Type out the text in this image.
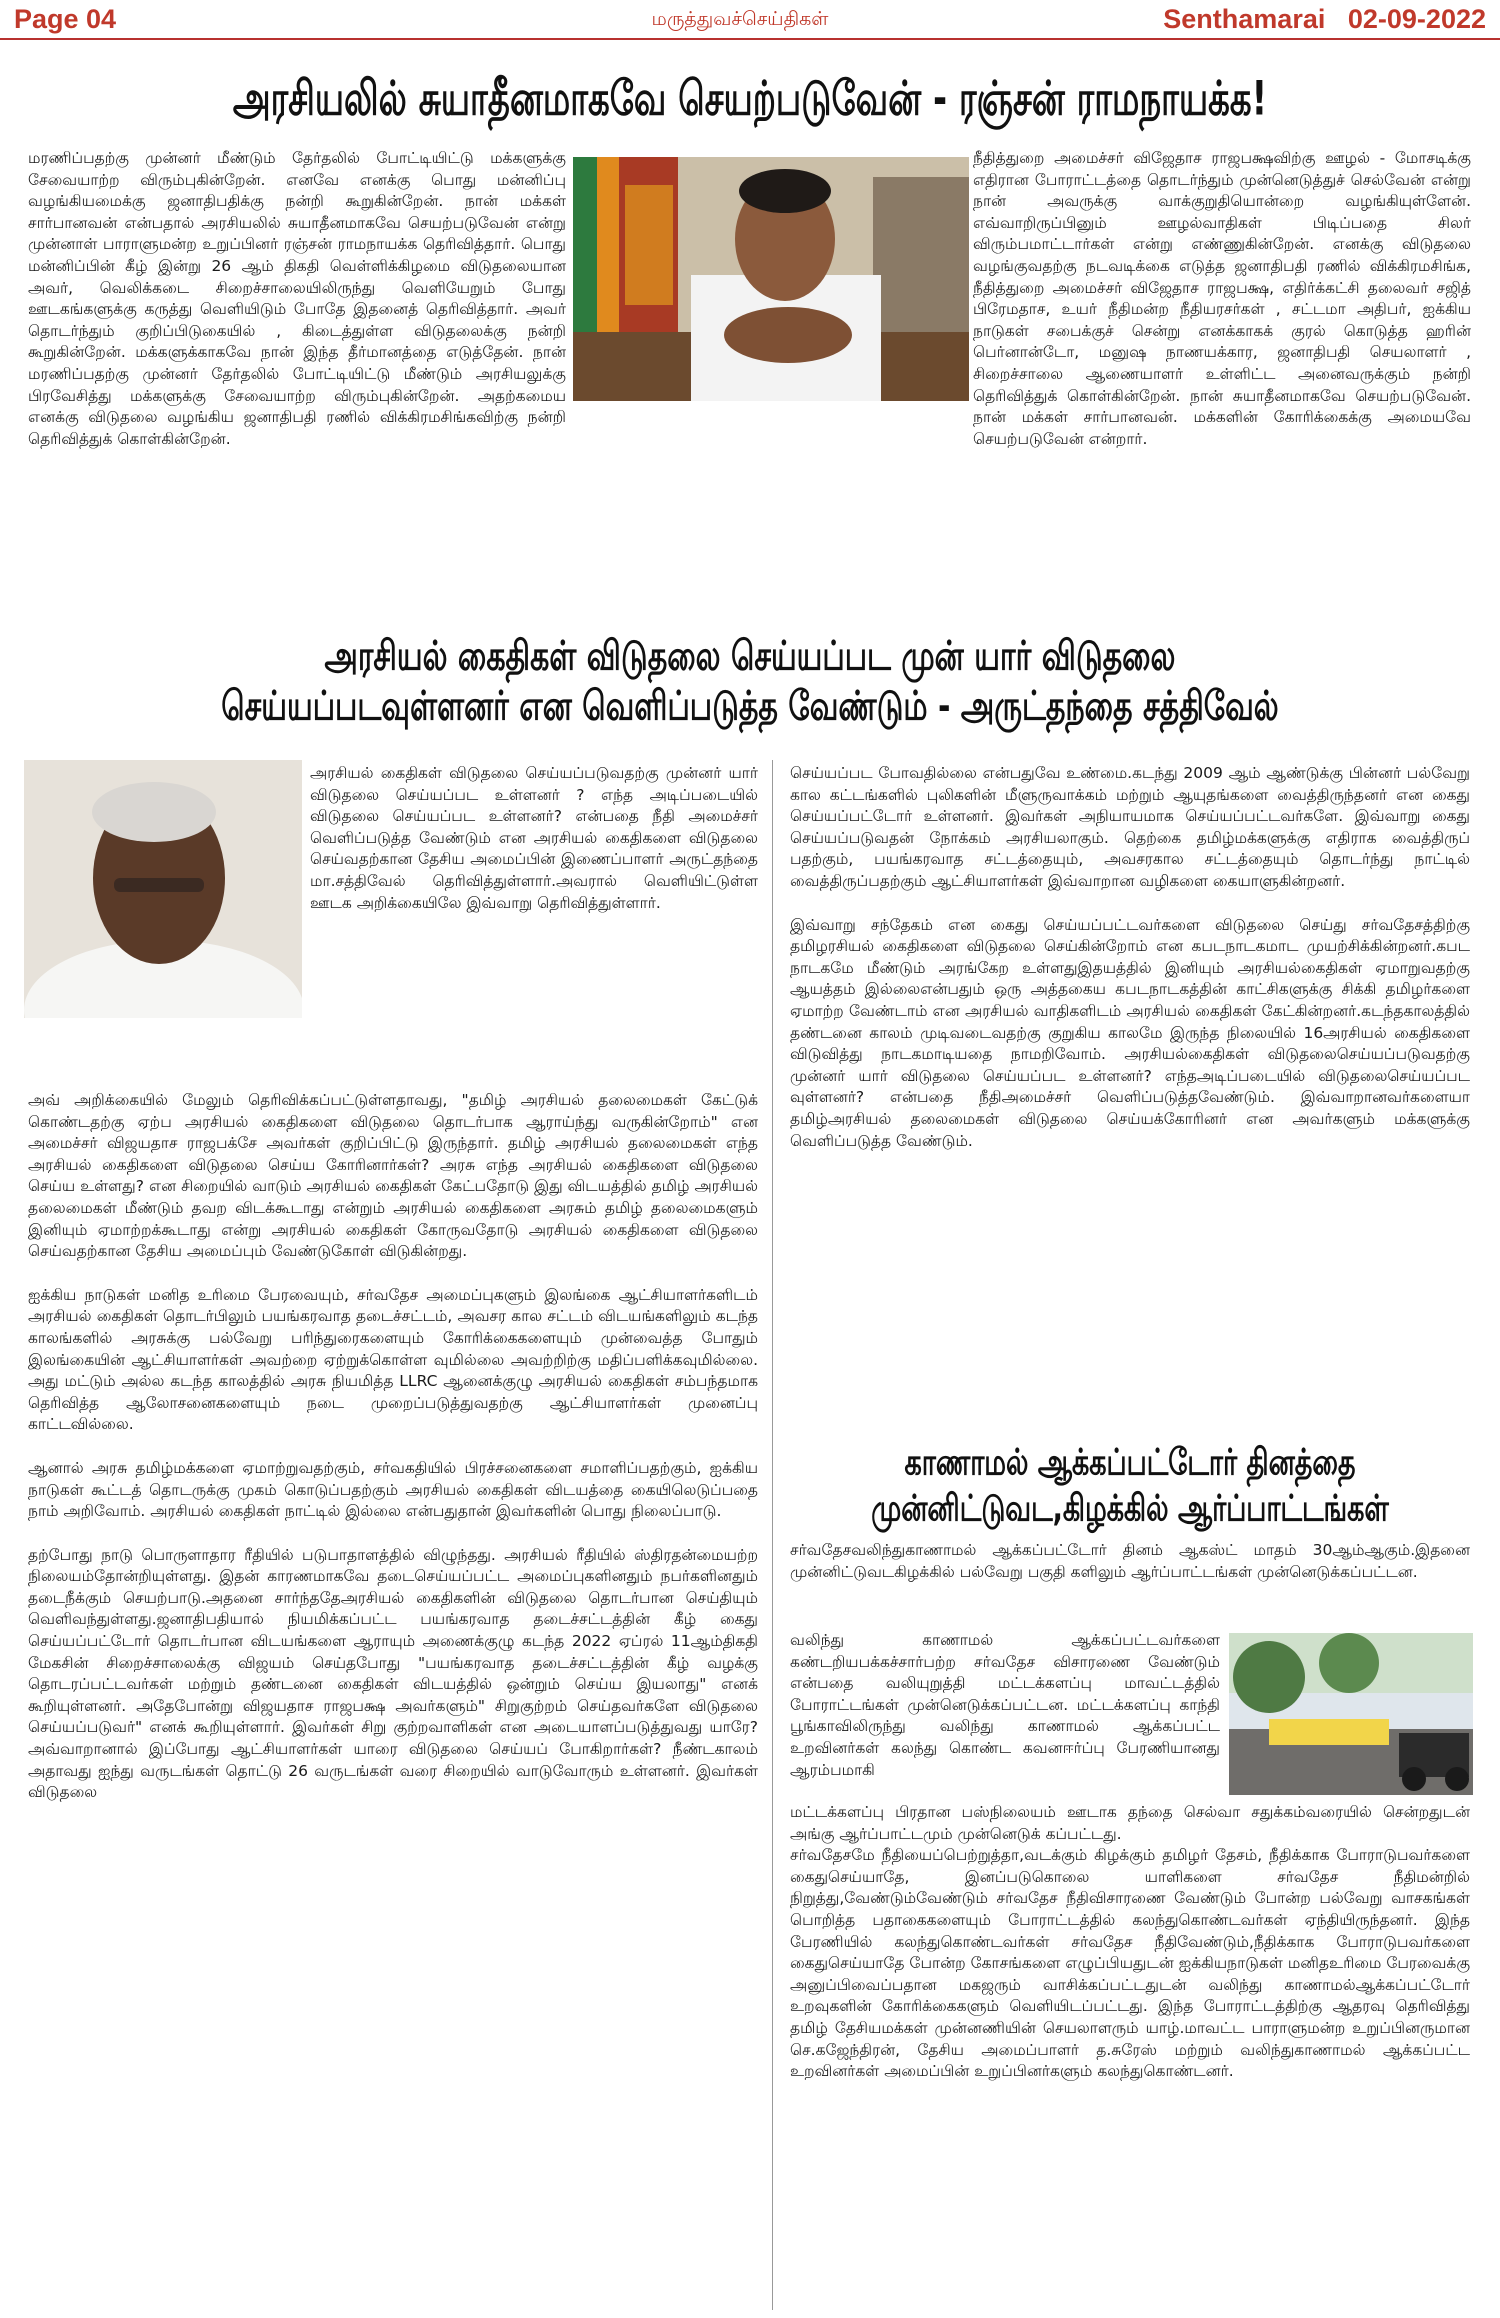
Page 04	மருத்துவச்செய்திகள்	Senthamarai 02-09-2022
அரசியலில் சுயாதீனமாகவே செயற்படுவேன் - ரஞ்சன் ராமநாயக்க!

மரணிப்பதற்கு முன்னர் மீண்டும் தேர்தலில் போட்டியிட்டு மக்களுக்கு சேவையாற்ற விரும்புகின்றேன். எனவே எனக்கு பொது மன்னிப்பு வழங்கியமைக்கு ஜனாதிபதிக்கு நன்றி கூறுகின்றேன். நான் மக்கள் சார்பானவன் என்பதால் அரசியலில் சுயாதீனமாகவே செயற்படுவேன் என்று முன்னாள் பாராளுமன்ற உறுப்பினர் ரஞ்சன் ராமநாயக்க தெரிவித்தார். பொது மன்னிப்பின் கீழ் இன்று 26 ஆம் திகதி வெள்ளிக்கிழமை விடுதலையான அவர், வெலிக்கடை சிறைச்சாலையிலிருந்து வெளியேறும் போது ஊடகங்களுக்கு கருத்து வெளியிடும் போதே இதனைத் தெரிவித்தார். அவர் தொடர்ந்தும் குறிப்பிடுகையில் , கிடைத்துள்ள விடுதலைக்கு நன்றி கூறுகின்றேன். மக்களுக்காகவே நான் இந்த தீர்மானத்தை எடுத்தேன். நான் மரணிப்பதற்கு முன்னர் தேர்தலில் போட்டியிட்டு மீண்டும் அரசியலுக்கு பிரவேசித்து மக்களுக்கு சேவையாற்ற விரும்புகின்றேன். அதற்கமைய எனக்கு விடுதலை வழங்கிய ஜனாதிபதி ரணில் விக்கிரமசிங்கவிற்கு நன்றி தெரிவித்துக் கொள்கின்றேன்.

நீதித்துறை அமைச்சர் விஜேதாச ராஜபக்ஷவிற்கு ஊழல் - மோசடிக்கு எதிரான போராட்டத்தை தொடர்ந்தும் முன்னெடுத்துச் செல்வேன் என்று நான் அவருக்கு வாக்குறுதியொன்றை வழங்கியுள்ளேன். எவ்வாறிருப்பினும் ஊழல்வாதிகள் பிடிப்பதை சிலர் விரும்பமாட்டார்கள் என்று எண்ணுகின்றேன். எனக்கு விடுதலை வழங்குவதற்கு நடவடிக்கை எடுத்த ஜனாதிபதி ரணில் விக்கிரமசிங்க, நீதித்துறை அமைச்சர் விஜேதாச ராஜபக்ஷ, எதிர்க்கட்சி தலைவர் சஜித் பிரேமதாச, உயர் நீதிமன்ற நீதியரசர்கள் , சட்டமா அதிபர், ஐக்கிய நாடுகள் சபைக்குச் சென்று எனக்காகக் குரல் கொடுத்த ஹரின் பெர்னான்டோ, மனுஷ நாணயக்கார, ஜனாதிபதி செயலாளர் , சிறைச்சாலை ஆணையாளர் உள்ளிட்ட அனைவருக்கும் நன்றி தெரிவித்துக் கொள்கின்றேன். நான் சுயாதீனமாகவே செயற்படுவேன். நான் மக்கள் சார்பானவன். மக்களின் கோரிக்கைக்கு அமையவே செயற்படுவேன் என்றார்.

அரசியல் கைதிகள் விடுதலை செய்யப்பட முன் யார் விடுதலை
செய்யப்படவுள்ளனர் என வெளிப்படுத்த வேண்டும் - அருட்தந்தை சத்திவேல்

அரசியல் கைதிகள் விடுதலை செய்யப்படுவதற்கு முன்னர் யார் விடுதலை செய்யப்பட உள்ளனர் ? எந்த அடிப்படையில் விடுதலை செய்யப்பட உள்ளனர்? என்பதை நீதி அமைச்சர் வெளிப்படுத்த வேண்டும் என அரசியல் கைதிகளை விடுதலை செய்வதற்கான தேசிய அமைப்பின் இணைப்பாளர் அருட்தந்தை மா.சத்திவேல் தெரிவித்துள்ளார்.அவரால் வெளியிட்டுள்ள ஊடக அறிக்கையிலே இவ்வாறு தெரிவித்துள்ளார்.

அவ் அறிக்கையில் மேலும் தெரிவிக்கப்பட்டுள்ளதாவது, "தமிழ் அரசியல் தலைமைகள் கேட்டுக் கொண்டதற்கு ஏற்ப அரசியல் கைதிகளை விடுதலை தொடர்பாக ஆராய்ந்து வருகின்றோம்" என அமைச்சர் விஜயதாச ராஜபக்சே அவர்கள் குறிப்பிட்டு இருந்தார். தமிழ் அரசியல் தலைமைகள் எந்த அரசியல் கைதிகளை விடுதலை செய்ய கோரினார்கள்? அரசு எந்த அரசியல் கைதிகளை விடுதலை செய்ய உள்ளது? என சிறையில் வாடும் அரசியல் கைதிகள் கேட்பதோடு இது விடயத்தில் தமிழ் அரசியல் தலைமைகள் மீண்டும் தவற விடக்கூடாது என்றும் அரசியல் கைதிகளை அரசும் தமிழ் தலைமைகளும் இனியும் ஏமாற்றக்கூடாது என்று அரசியல் கைதிகள் கோருவதோடு அரசியல் கைதிகளை விடுதலை செய்வதற்கான தேசிய அமைப்பும் வேண்டுகோள் விடுகின்றது.

ஐக்கிய நாடுகள் மனித உரிமை பேரவையும், சர்வதேச அமைப்புகளும் இலங்கை ஆட்சியாளர்களிடம் அரசியல் கைதிகள் தொடர்பிலும் பயங்கரவாத தடைச்சட்டம், அவசர கால சட்டம் விடயங்களிலும் கடந்த காலங்களில் அரசுக்கு பல்வேறு பரிந்துரைகளையும் கோரிக்கைகளையும் முன்வைத்த போதும் இலங்கையின் ஆட்சியாளர்கள் அவற்றை ஏற்றுக்கொள்ள வுமில்லை அவற்றிற்கு மதிப்பளிக்கவுமில்லை. அது மட்டும் அல்ல கடந்த காலத்தில் அரசு நியமித்த LLRC ஆனைக்குழு அரசியல் கைதிகள் சம்பந்தமாக தெரிவித்த ஆலோசனைகளையும் நடை முறைப்படுத்துவதற்கு ஆட்சியாளர்கள் முனைப்பு காட்டவில்லை.

ஆனால் அரசு தமிழ்மக்களை ஏமாற்றுவதற்கும், சர்வகதியில் பிரச்சனைகளை சமாளிப்பதற்கும், ஐக்கிய நாடுகள் கூட்டத் தொடருக்கு முகம் கொடுப்பதற்கும் அரசியல் கைதிகள் விடயத்தை கையிலெடுப்பதை நாம் அறிவோம். அரசியல் கைதிகள் நாட்டில் இல்லை என்பதுதான் இவர்களின் பொது நிலைப்பாடு.

தற்போது நாடு பொருளாதார ரீதியில் படுபாதாளத்தில் விழுந்தது. அரசியல் ரீதியில் ஸ்திரதன்மையற்ற நிலையம்தோன்றியுள்ளது. இதன் காரணமாகவே தடைசெய்யப்பட்ட அமைப்புகளினதும் நபர்களினதும் தடைநீக்கும் செயற்பாடு.அதனை சார்ந்ததேஅரசியல் கைதிகளின் விடுதலை தொடர்பான செய்தியும் வெளிவந்துள்ளது.ஜனாதிபதியால் நியமிக்கப்பட்ட பயங்கரவாத தடைச்சட்டத்தின் கீழ் கைது செய்யப்பட்டோர் தொடர்பான விடயங்களை ஆராயும் அணைக்குழு கடந்த 2022 ஏப்ரல் 11ஆம்திகதி மேகசின் சிறைச்சாலைக்கு விஜயம் செய்தபோது "பயங்கரவாத தடைச்சட்டத்தின் கீழ் வழக்கு தொடரப்பட்டவர்கள் மற்றும் தண்டனை கைதிகள் விடயத்தில் ஒன்றும் செய்ய இயலாது" எனக் கூறியுள்ளனர். அதேபோன்று விஜயதாச ராஜபக்ஷ அவர்களும்" சிறுகுற்றம் செய்தவர்களே விடுதலை செய்யப்படுவர்" எனக் கூறியுள்ளார். இவர்கள் சிறு குற்றவாளிகள் என அடையாளப்படுத்துவது யாரே? அவ்வாறானால் இப்போது ஆட்சியாளர்கள் யாரை விடுதலை செய்யப் போகிறார்கள்? நீண்டகாலம் அதாவது ஐந்து வருடங்கள் தொட்டு 26 வருடங்கள் வரை சிறையில் வாடுவோரும் உள்ளனர். இவர்கள் விடுதலை

செய்யப்பட போவதில்லை என்பதுவே உண்மை.கடந்து 2009 ஆம் ஆண்டுக்கு பின்னர் பல்வேறு கால கட்டங்களில் புலிகளின் மீளுருவாக்கம் மற்றும் ஆயுதங்களை வைத்திருந்தனர் என கைது செய்யப்பட்டோர் உள்ளனர். இவர்கள் அநியாயமாக செய்யப்பட்டவர்களே. இவ்வாறு கைது செய்யப்படுவதன் நோக்கம் அரசியலாகும். தெற்கை தமிழ்மக்களுக்கு எதிராக வைத்திருப் பதற்கும், பயங்கரவாத சட்டத்தையும், அவசரகால சட்டத்தையும் தொடர்ந்து நாட்டில் வைத்திருப்பதற்கும் ஆட்சியாளர்கள் இவ்வாறான வழிகளை கையாளுகின்றனர்.

இவ்வாறு சந்தேகம் என கைது செய்யப்பட்டவர்களை விடுதலை செய்து சர்வதேசத்திற்கு தமிழரசியல் கைதிகளை விடுதலை செய்கின்றோம் என கபடநாடகமாட முயற்சிக்கின்றனர்.கபட நாடகமே மீண்டும் அரங்கேற உள்ளதுஇதயத்தில் இனியும் அரசியல்கைதிகள் ஏமாறுவதற்கு ஆயத்தம் இல்லைஎன்பதும் ஒரு அத்தகைய கபடநாடகத்தின் காட்சிகளுக்கு சிக்கி தமிழர்களை ஏமாற்ற வேண்டாம் என அரசியல் வாதிகளிடம் அரசியல் கைதிகள் கேட்கின்றனர்.கடந்தகாலத்தில் தண்டனை காலம் முடிவடைவதற்கு குறுகிய காலமே இருந்த நிலையில் 16அரசியல் கைதிகளை விடுவித்து நாடகமாடியதை நாமறிவோம். அரசியல்கைதிகள் விடுதலைசெய்யப்படுவதற்கு முன்னர் யார் விடுதலை செய்யப்பட உள்ளனர்? எந்தஅடிப்படையில் விடுதலைசெய்யப்பட வுள்ளனர்? என்பதை நீதிஅமைச்சர் வெளிப்படுத்தவேண்டும். இவ்வாறானவர்களையா தமிழ்அரசியல் தலைமைகள் விடுதலை செய்யக்கோரினர் என அவர்களும் மக்களுக்கு வெளிப்படுத்த வேண்டும்.

காணாமல் ஆக்கப்பட்டோர் தினத்தை
முன்னிட்டுவட,கிழக்கில் ஆர்ப்பாட்டங்கள்

சர்வதேசவலிந்துகாணாமல் ஆக்கப்பட்டோர் தினம் ஆகஸ்ட் மாதம் 30ஆம்ஆகும்.இதனை முன்னிட்டுவடகிழக்கில் பல்வேறு பகுதி களிலும் ஆர்ப்பாட்டங்கள் முன்னெடுக்கப்பட்டன.

வலிந்து காணாமல் ஆக்கப்பட்டவர்களை கண்டறியபக்கச்சார்பற்ற சர்வதேச விசாரணை வேண்டும் என்பதை வலியுறுத்தி மட்டக்களப்பு மாவட்டத்தில் போராட்டங்கள் முன்னெடுக்கப்பட்டன. மட்டக்களப்பு காந்தி பூங்காவிலிருந்து வலிந்து காணாமல் ஆக்கப்பட்ட உறவினர்கள் கலந்து கொண்ட கவனஈர்ப்பு பேரணியானது ஆரம்பமாகி

மட்டக்களப்பு பிரதான பஸ்நிலையம் ஊடாக தந்தை செல்வா சதுக்கம்வரையில் சென்றதுடன் அங்கு ஆர்ப்பாட்டமும் முன்னெடுக் கப்பட்டது.

சர்வதேசமே நீதியைப்பெற்றுத்தா,வடக்கும் கிழக்கும் தமிழர் தேசம், நீதிக்காக போராடுபவர்களை கைதுசெய்யாதே, இனப்படுகொலை யாளிகளை சர்வதேச நீதிமன்றில் நிறுத்து,வேண்டும்வேண்டும் சர்வதேச நீதிவிசாரணை வேண்டும் போன்ற பல்வேறு வாசகங்கள் பொறித்த பதாகைகளையும் போராட்டத்தில் கலந்துகொண்டவர்கள் ஏந்தியிருந்தனர். இந்த பேரணியில் கலந்துகொண்டவர்கள் சர்வதேச நீதிவேண்டும்,நீதிக்காக போராடுபவர்களை கைதுசெய்யாதே போன்ற கோசங்களை எழுப்பியதுடன் ஐக்கியநாடுகள் மனிதஉரிமை பேரவைக்கு அனுப்பிவைப்பதான மகஜரும் வாசிக்கப்பட்டதுடன் வலிந்து காணாமல்ஆக்கப்பட்டோர் உறவுகளின் கோரிக்கைகளும் வெளியிடப்பட்டது. இந்த போராட்டத்திற்கு ஆதரவு தெரிவித்து தமிழ் தேசியமக்கள் முன்னணியின் செயலாளரும் யாழ்.மாவட்ட பாராளுமன்ற உறுப்பினருமான செ.கஜேந்திரன், தேசிய அமைப்பாளர் த.சுரேஸ் மற்றும் வலிந்துகாணாமல் ஆக்கப்பட்ட உறவினர்கள் அமைப்பின் உறுப்பினர்களும் கலந்துகொண்டனர்.
